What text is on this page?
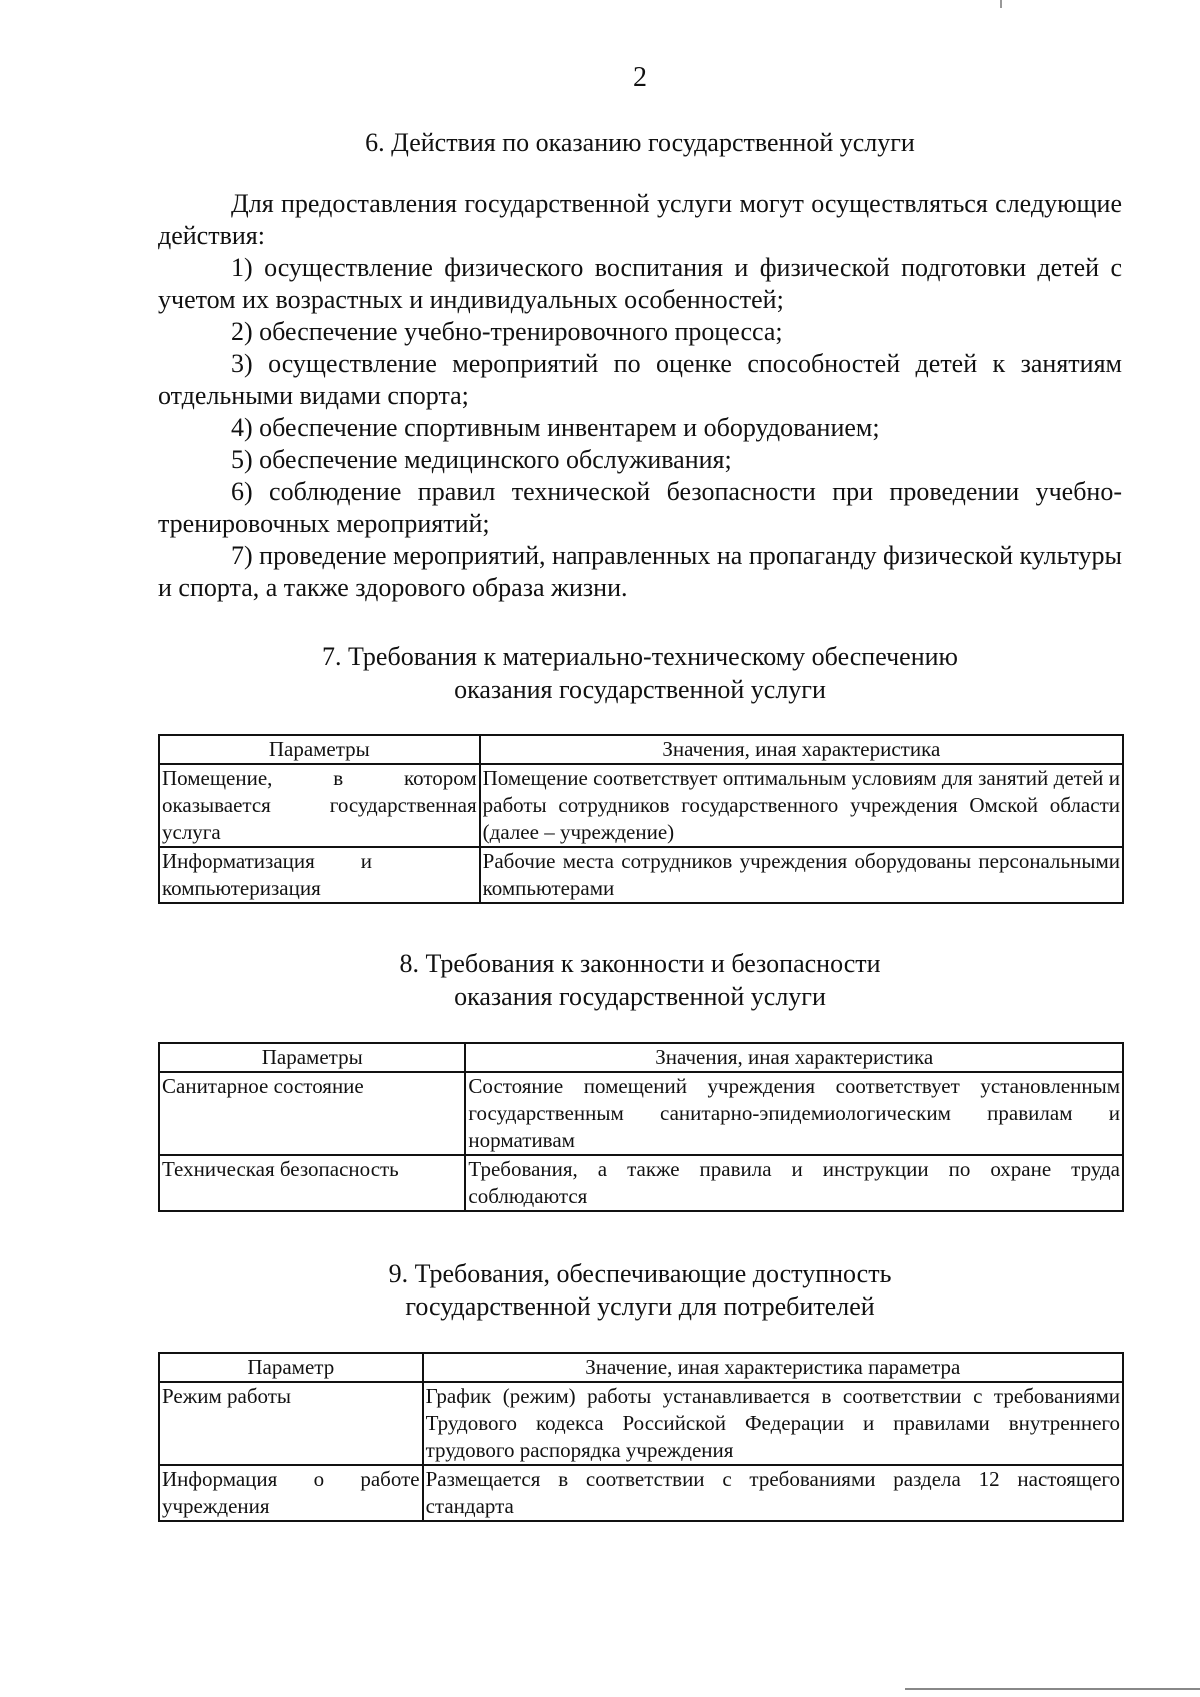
2
6. Действия по оказанию государственной услуги

Для предоставления государственной услуги могут осуществляться следующие действия:

1) осуществление физического воспитания и физической подготовки детей с учетом их возрастных и индивидуальных особенностей;

2) обеспечение учебно-тренировочного процесса;

3) осуществление мероприятий по оценке способностей детей к занятиям отдельными видами спорта;

4) обеспечение спортивным инвентарем и оборудованием;

5) обеспечение медицинского обслуживания;

6) соблюдение правил технической безопасности при проведении учебно-тренировочных мероприятий;

7) проведение мероприятий, направленных на пропаганду физической культуры и спорта, а также здорового образа жизни.

7. Требования к материально-техническому обеспечению
оказания государственной услуги
Параметры	Значения, иная характеристика

Помещение, в котором оказывается государственная услуга	Помещение соответствует оптимальным условиям для занятий детей и работы сотрудников государственного учреждения Омской области (далее – учреждение)

Информатизация и компьютеризация	Рабочие места сотрудников учреждения оборудованы персональными компьютерами
8. Требования к законности и безопасности
оказания государственной услуги
Параметры	Значения, иная характеристика
Санитарное состояние	Состояние помещений учреждения соответствует установленным государственным санитарно-эпидемиологическим правилам и нормативам

Техническая безопасность	Требования, а также правила и инструкции по охране труда соблюдаются
9. Требования, обеспечивающие доступность
государственной услуги для потребителей
Параметр	Значение, иная характеристика параметра
Режим работы	График (режим) работы устанавливается в соответствии с требованиями Трудового кодекса Российской Федерации и правилами внутреннего трудового распорядка учреждения

Информация о работе учреждения	Размещается в соответствии с требованиями раздела 12 настоящего стандарта
